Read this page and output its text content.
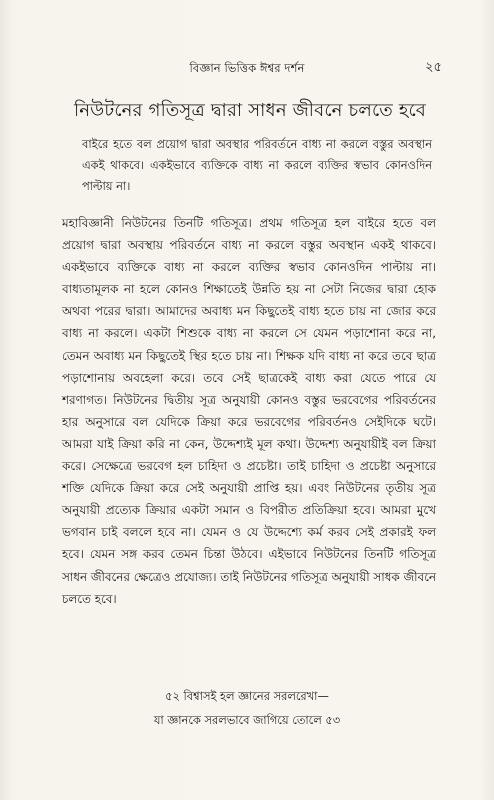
বিজ্ঞান ভিত্তিক ঈশ্বর দর্শন	২৫
নিউটনের গতিসূত্র দ্বারা সাধন জীবনে চলতে হবে

বাইরে হতে বল প্রয়োগ দ্বারা অবস্থার পরিবর্তনে বাধ্য না করলে বস্তুর অবস্থান একই থাকবে। একইভাবে ব্যক্তিকে বাধ্য না করলে ব্যক্তির স্বভাব কোনওদিন পাল্টায় না।

মহাবিজ্ঞানী নিউটনের তিনটি গতিসূত্র। প্রথম গতিসূত্র হল বাইরে হতে বল প্রয়োগ দ্বারা অবস্থায় পরিবর্তনে বাধ্য না করলে বস্তুর অবস্থান একই থাকবে। একইভাবে ব্যক্তিকে বাধ্য না করলে ব্যক্তির স্বভাব কোনওদিন পাল্টায় না। বাধ্যতামূলক না হলে কোনও শিক্ষাতেই উন্নতি হয় না সেটা নিজের দ্বারা হোক অথবা পরের দ্বারা। আমাদের অবাধ্য মন কিছুতেই বাধ্য হতে চায় না জোর করে বাধ্য না করলে। একটা শিশুকে বাধ্য না করলে সে যেমন পড়াশোনা করে না, তেমন অবাধ্য মন কিছুতেই স্থির হতে চায় না। শিক্ষক যদি বাধ্য না করে তবে ছাত্র পড়াশোনায় অবহেলা করে। তবে সেই ছাত্রকেই বাধ্য করা যেতে পারে যে শরণাগত। নিউটনের দ্বিতীয় সূত্র অনুযায়ী কোনও বস্তুর ভরবেগের পরিবর্তনের হার অনুসারে বল যেদিকে ক্রিয়া করে ভরবেগের পরিবর্তনও সেইদিকে ঘটে। আমরা যাই ক্রিয়া করি না কেন, উদ্দেশ্যই মূল কথা। উদ্দেশ্য অনুযায়ীই বল ক্রিয়া করে। সেক্ষেত্রে ভরবেগ হল চাহিদা ও প্রচেষ্টা। তাই চাহিদা ও প্রচেষ্টা অনুসারে শক্তি যেদিকে ক্রিয়া করে সেই অনুযায়ী প্রাপ্তি হয়। এবং নিউটনের তৃতীয় সূত্র অনুযায়ী প্রত্যেক ক্রিয়ার একটা সমান ও বিপরীত প্রতিক্রিয়া হবে। আমরা মুখে ভগবান চাই বললে হবে না। যেমন ও যে উদ্দেশ্যে কর্ম করব সেই প্রকারই ফল হবে। যেমন সঙ্গ করব তেমন চিন্তা উঠবে। এইভাবে নিউটনের তিনটি গতিসূত্র সাধন জীবনের ক্ষেত্রেও প্রযোজ্য। তাই নিউটনের গতিসূত্র অনুযায়ী সাধক জীবনে চলতে হবে।

৫২ বিশ্বাসই হল জ্ঞানের সরলরেখা—
যা জ্ঞানকে সরলভাবে জাগিয়ে তোলে ৫৩
